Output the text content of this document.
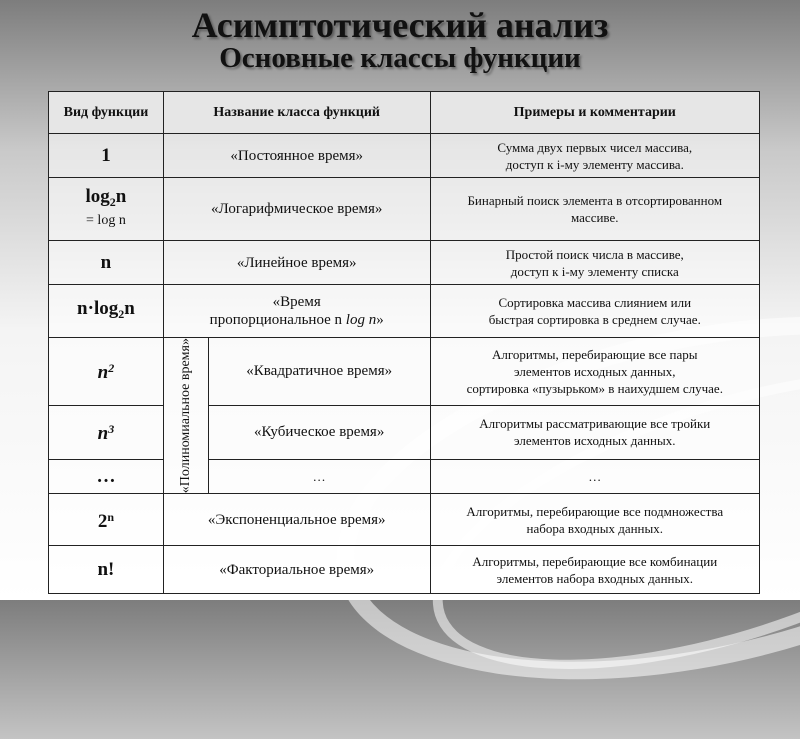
Асимптотический анализ
Основные классы функции
Вид функции	Название класса функций		Примеры и комментарии
1	«Постоянное время»		Сумма двух первых чисел массива,
доступ к i-му элементу массива.
$\log_2n$
= log n	«Логарифмическое время»		Бинарный поиск элемента в отсортированном
массиве.
n	«Линейное время»		Простой поиск числа в массиве,
доступ к i-му элементу списка
$n\cdot\log_2n$	«Время
пропорциональное n log n»		Сортировка массива слиянием или
быстрая сортировка в среднем случае.
$n^2$	«Полиномиальное время»	«Квадратичное время»	Алгоритмы, перебирающие все пары
элементов исходных данных,
сортировка «пузырьком» в наихудшем случае.
$n^3$		«Кубическое время»	Алгоритмы рассматривающие все тройки
элементов исходных данных.
…		…	…
2$^n$	«Экспоненциальное время»		Алгоритмы, перебирающие все подмножества
набора входных данных.
n!	«Факториальное время»		Алгоритмы, перебирающие все комбинации
элементов набора входных данных.
